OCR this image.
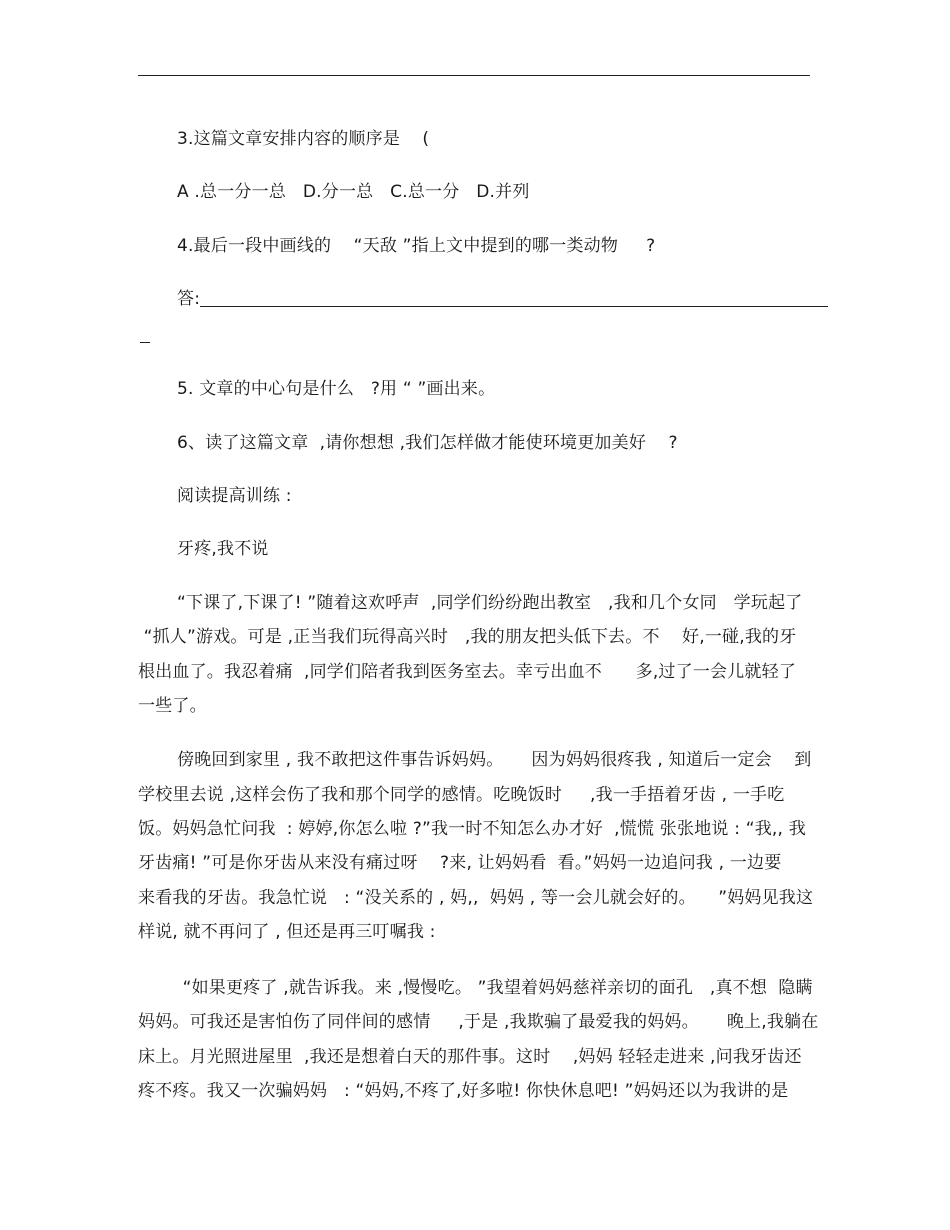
3.这篇文章安排内容的顺序是    (
A .总一分一总   D.分一总   C.总一分   D.并列
4.最后一段中画线的    “天敌 ”指上文中提到的哪一类动物     ?
答:
5. 文章的中心句是什么   ?用 “ ”画出来。
6、读了这篇文章  ,请你想想 ,我们怎样做才能使环境更加美好    ?
阅读提高训练 :
牙疼,我不说
“下课了,下课了! ”随着这欢呼声  ,同学们纷纷跑出教室   ,我和几个女同   学玩起了
“抓人”游戏。可是 ,正当我们玩得高兴时   ,我的朋友把头低下去。不    好,一碰,我的牙
根出血了。我忍着痛  ,同学们陪者我到医务室去。幸亏出血不      多,过了一会儿就轻了
一些了。
傍晚回到家里 , 我不敢把这件事告诉妈妈。     因为妈妈很疼我 , 知道后一定会    到
学校里去说 ,这样会伤了我和那个同学的感情。吃晚饭时     ,我一手捂着牙齿 , 一手吃
饭。妈妈急忙问我  : 婷婷,你怎么啦 ?”我一时不知怎么办才好  ,慌慌 张张地说 : “我,, 我
牙齿痛! ”可是你牙齿从来没有痛过呀    ?来, 让妈妈看  看。”妈妈一边追问我 , 一边要
来看我的牙齿。我急忙说   : “没关系的 , 妈,,  妈妈 , 等一会儿就会好的。    ”妈妈见我这
样说, 就不再问了 , 但还是再三叮嘱我 :
“如果更疼了 ,就告诉我。来 ,慢慢吃。 ”我望着妈妈慈祥亲切的面孔   ,真不想  隐瞒
妈妈。可我还是害怕伤了同伴间的感情     ,于是 ,我欺骗了最爱我的妈妈。     晚上,我躺在
床上。月光照进屋里  ,我还是想着白天的那件事。这时    ,妈妈 轻轻走进来 ,问我牙齿还
疼不疼。我又一次骗妈妈   : “妈妈,不疼了,好多啦! 你快休息吧! ”妈妈还以为我讲的是
